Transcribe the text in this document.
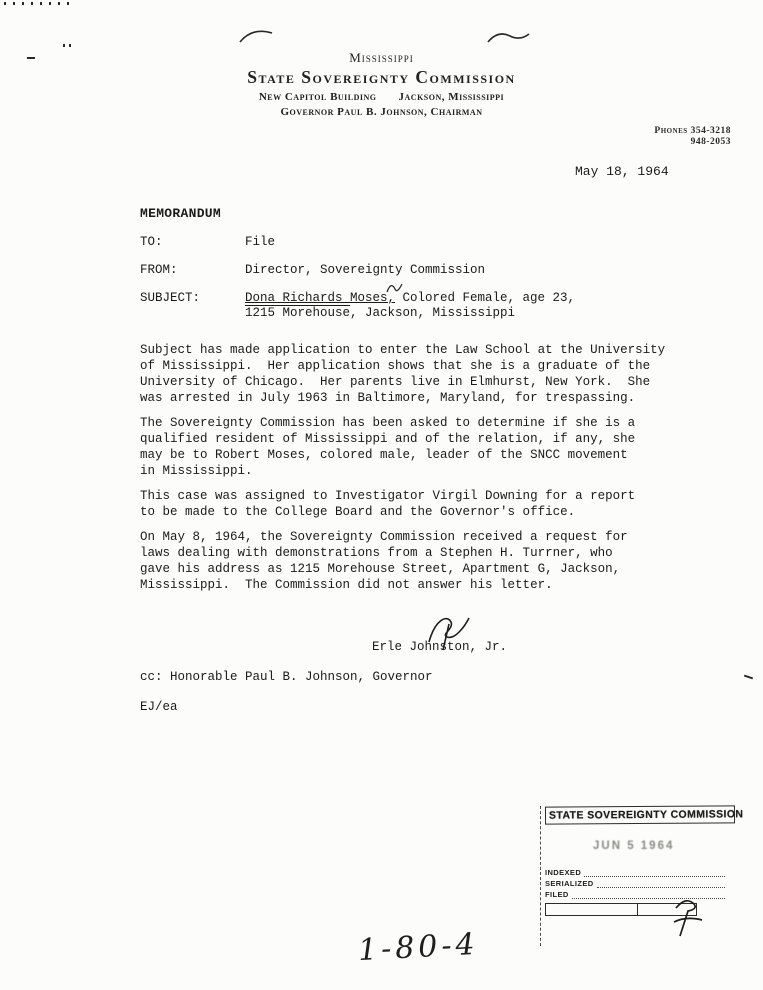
Mississippi
State Sovereignty Commission
New Capitol Building Jackson, Mississippi
Governor Paul B. Johnson, Chairman
Phones 354-3218
948-2053
May 18, 1964
MEMORANDUM
TO:	File
FROM:	Director, Sovereignty Commission
SUBJECT:	Dona Richards Moses, Colored Female, age 23,
1215 Morehouse, Jackson, Mississippi

Subject has made application to enter the Law School at the University
of Mississippi.  Her application shows that she is a graduate of the
University of Chicago.  Her parents live in Elmhurst, New York.  She
was arrested in July 1963 in Baltimore, Maryland, for trespassing.

The Sovereignty Commission has been asked to determine if she is a
qualified resident of Mississippi and of the relation, if any, she
may be to Robert Moses, colored male, leader of the SNCC movement
in Mississippi.

This case was assigned to Investigator Virgil Downing for a report
to be made to the College Board and the Governor's office.

On May 8, 1964, the Sovereignty Commission received a request for
laws dealing with demonstrations from a Stephen H. Turrner, who
gave his address as 1215 Morehouse Street, Apartment G, Jackson,
Mississippi.  The Commission did not answer his letter.

Erle Johnston, Jr.
cc: Honorable Paul B. Johnson, Governor
EJ/ea
STATE SOVEREIGNTY COMMISSION
JUN 5 1964
INDEXED
SERIALIZED
FILED
1-80-4
